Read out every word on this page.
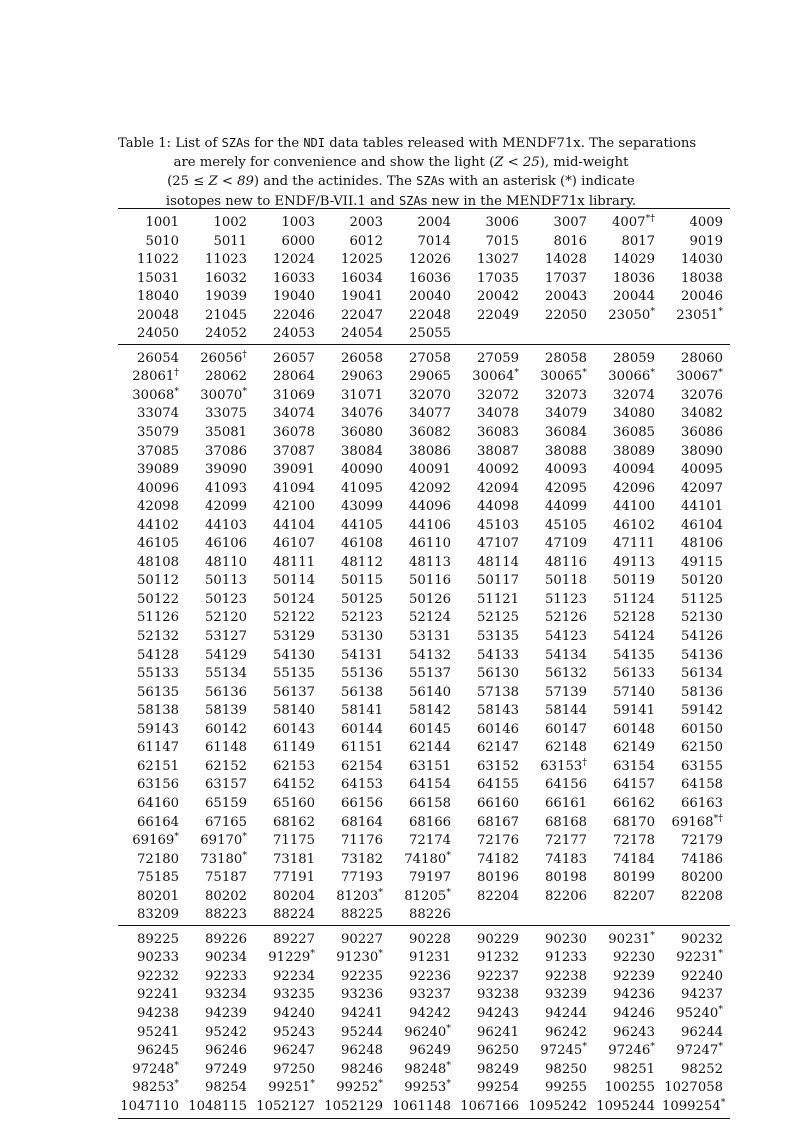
Table 1: List of SZAs for the NDI data tables released with MENDF71x. The separations
are merely for convenience and show the light (Z < 25), mid-weight
(25 ≤ Z < 89) and the actinides. The SZAs with an asterisk (*) indicate
isotopes new to ENDF/B-VII.1 and SZAs new in the MENDF71x library.
1001	1002	1003	2003	2004	3006	3007	4007*†	4009
5010	5011	6000	6012	7014	7015	8016	8017	9019
11022	11023	12024	12025	12026	13027	14028	14029	14030
15031	16032	16033	16034	16036	17035	17037	18036	18038
18040	19039	19040	19041	20040	20042	20043	20044	20046
20048	21045	22046	22047	22048	22049	22050	23050*	23051*
24050	24052	24053	24054	25055				

26054	26056†	26057	26058	27058	27059	28058	28059	28060
28061†	28062	28064	29063	29065	30064*	30065*	30066*	30067*
30068*	30070*	31069	31071	32070	32072	32073	32074	32076
33074	33075	34074	34076	34077	34078	34079	34080	34082
35079	35081	36078	36080	36082	36083	36084	36085	36086
37085	37086	37087	38084	38086	38087	38088	38089	38090
39089	39090	39091	40090	40091	40092	40093	40094	40095
40096	41093	41094	41095	42092	42094	42095	42096	42097
42098	42099	42100	43099	44096	44098	44099	44100	44101
44102	44103	44104	44105	44106	45103	45105	46102	46104
46105	46106	46107	46108	46110	47107	47109	47111	48106
48108	48110	48111	48112	48113	48114	48116	49113	49115
50112	50113	50114	50115	50116	50117	50118	50119	50120
50122	50123	50124	50125	50126	51121	51123	51124	51125
51126	52120	52122	52123	52124	52125	52126	52128	52130
52132	53127	53129	53130	53131	53135	54123	54124	54126
54128	54129	54130	54131	54132	54133	54134	54135	54136
55133	55134	55135	55136	55137	56130	56132	56133	56134
56135	56136	56137	56138	56140	57138	57139	57140	58136
58138	58139	58140	58141	58142	58143	58144	59141	59142
59143	60142	60143	60144	60145	60146	60147	60148	60150
61147	61148	61149	61151	62144	62147	62148	62149	62150
62151	62152	62153	62154	63151	63152	63153†	63154	63155
63156	63157	64152	64153	64154	64155	64156	64157	64158
64160	65159	65160	66156	66158	66160	66161	66162	66163
66164	67165	68162	68164	68166	68167	68168	68170	69168*†
69169*	69170*	71175	71176	72174	72176	72177	72178	72179
72180	73180*	73181	73182	74180*	74182	74183	74184	74186
75185	75187	77191	77193	79197	80196	80198	80199	80200
80201	80202	80204	81203*	81205*	82204	82206	82207	82208
83209	88223	88224	88225	88226				

89225	89226	89227	90227	90228	90229	90230	90231*	90232
90233	90234	91229*	91230*	91231	91232	91233	92230	92231*
92232	92233	92234	92235	92236	92237	92238	92239	92240
92241	93234	93235	93236	93237	93238	93239	94236	94237
94238	94239	94240	94241	94242	94243	94244	94246	95240*
95241	95242	95243	95244	96240*	96241	96242	96243	96244
96245	96246	96247	96248	96249	96250	97245*	97246*	97247*
97248*	97249	97250	98246	98248*	98249	98250	98251	98252
98253*	98254	99251*	99252*	99253*	99254	99255	100255	1027058
1047110	1048115	1052127	1052129	1061148	1067166	1095242	1095244	1099254*
